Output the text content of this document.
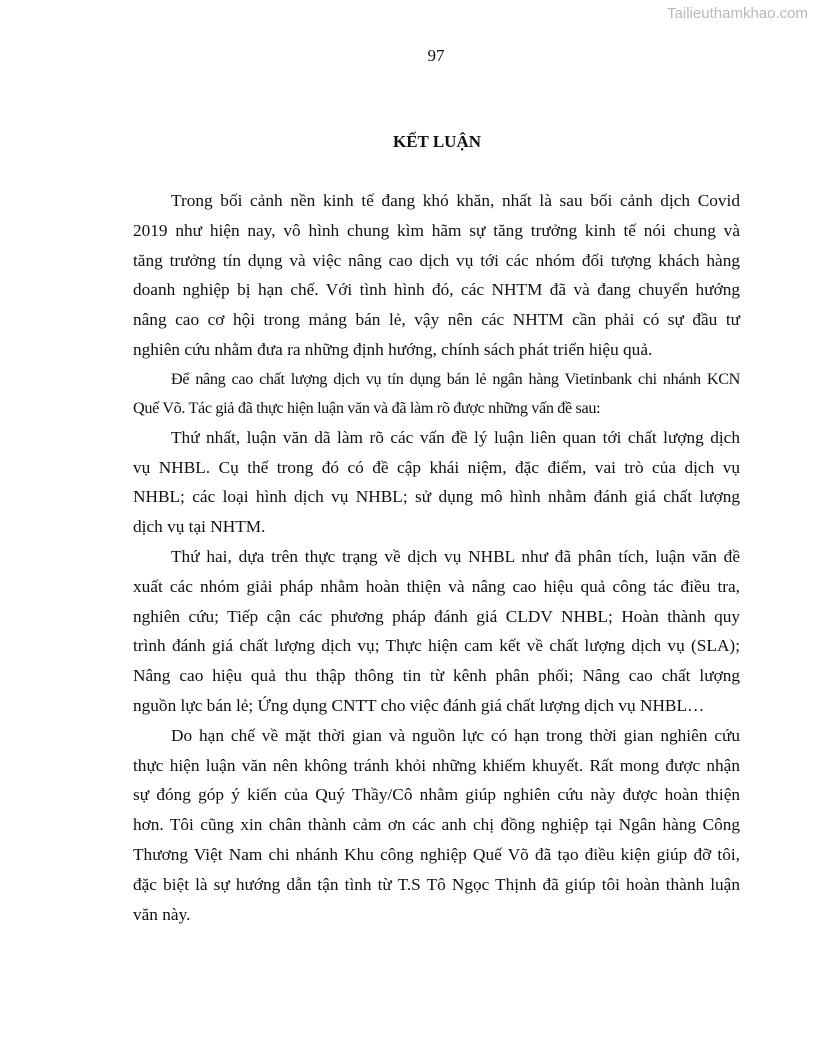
Tailieuthamkhao.com
97
KẾT LUẬN
Trong bối cảnh nền kinh tế đang khó khăn, nhất là sau bối cảnh dịch Covid
2019 như hiện nay, vô hình chung kìm hãm sự tăng trưởng kinh tế nói chung và
tăng trưởng tín dụng và việc nâng cao dịch vụ tới các nhóm đối tượng khách hàng
doanh nghiệp bị hạn chế. Với tình hình đó, các NHTM đã và đang chuyển hướng
nâng cao cơ hội trong mảng bán lẻ, vậy nên các NHTM cần phải có sự đầu tư
nghiên cứu nhằm đưa ra những định hướng, chính sách phát triển hiệu quả.
Để nâng cao chất lượng dịch vụ tín dụng bán lẻ ngân hàng Vietinbank chi nhánh KCN
Quế Võ. Tác giả đã thực hiện luận văn và đã làm rõ được những vấn đề sau:
Thứ nhất, luận văn dã làm rõ các vấn đề lý luận liên quan tới chất lượng dịch
vụ NHBL. Cụ thể trong đó có đề cập khái niệm, đặc điểm, vai trò của dịch vụ
NHBL; các loại hình dịch vụ NHBL; sử dụng mô hình nhằm đánh giá chất lượng
dịch vụ tại NHTM.
Thứ hai, dựa trên thực trạng về dịch vụ NHBL như đã phân tích, luận văn đề
xuất các nhóm giải pháp nhằm hoàn thiện và nâng cao hiệu quả công tác điều tra,
nghiên cứu; Tiếp cận các phương pháp đánh giá CLDV NHBL; Hoàn thành quy
trình đánh giá chất lượng dịch vụ; Thực hiện cam kết về chất lượng dịch vụ (SLA);
Nâng cao hiệu quả thu thập thông tin từ kênh phân phối; Nâng cao chất lượng
nguồn lực bán lẻ; Ứng dụng CNTT cho việc đánh giá chất lượng dịch vụ NHBL…
Do hạn chế về mặt thời gian và nguồn lực có hạn trong thời gian nghiên cứu
thực hiện luận văn nên không tránh khỏi những khiếm khuyết. Rất mong được nhận
sự đóng góp ý kiến của Quý Thầy/Cô nhằm giúp nghiên cứu này được hoàn thiện
hơn. Tôi cũng xin chân thành cảm ơn các anh chị đồng nghiệp tại Ngân hàng Công
Thương Việt Nam chi nhánh Khu công nghiệp Quế Võ đã tạo điều kiện giúp đỡ tôi,
đặc biệt là sự hướng dẫn tận tình từ T.S Tô Ngọc Thịnh đã giúp tôi hoàn thành luận
văn này.
